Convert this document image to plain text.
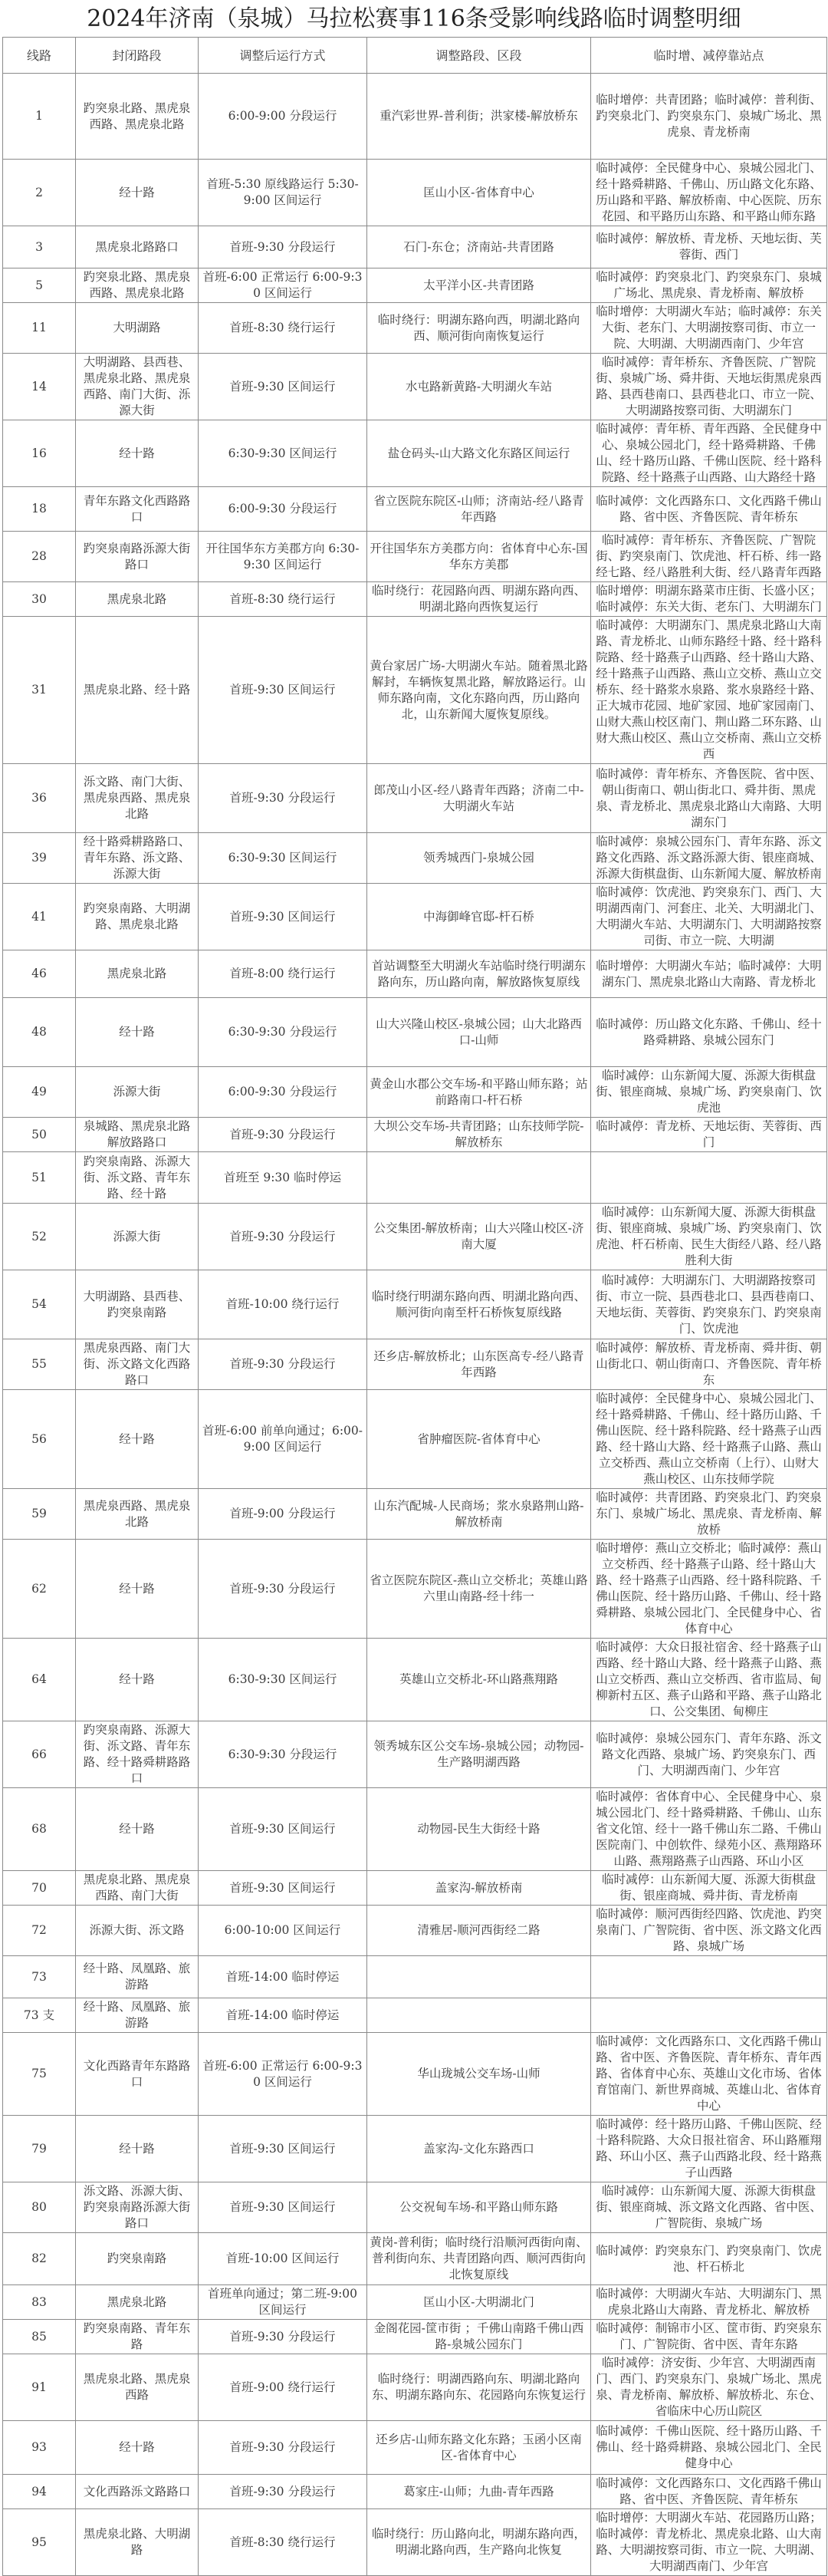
2024年济南（泉城）马拉松赛事116条受影响线路临时调整明细
线路	封闭路段	调整后运行方式	调整路段、区段	临时增、减停靠站点
1	趵突泉北路、黑虎泉西路、黑虎泉北路	6:00-9:00 分段运行	重汽彩世界-普利街；洪家楼-解放桥东	临时增停：共青团路；临时减停：普利街、趵突泉北门、趵突泉东门、泉城广场北、黑虎泉、青龙桥南
2	经十路	首班-5:30 原线路运行 5:30-9:00 区间运行	匡山小区-省体育中心	临时减停：全民健身中心、泉城公园北门、经十路舜耕路、千佛山、历山路文化东路、历山路和平路、解放桥南、中心医院、历东花园、和平路历山东路、和平路山师东路
3	黑虎泉北路路口	首班-9:30 分段运行	石门-东仓；济南站-共青团路	临时减停：解放桥、青龙桥、天地坛街、芙蓉街、西门
5	趵突泉北路、黑虎泉西路、黑虎泉北路	首班-6:00 正常运行 6:00-9:30 区间运行	太平洋小区-共青团路	临时减停：趵突泉北门、趵突泉东门、泉城广场北、黑虎泉、青龙桥南、解放桥
11	大明湖路	首班-8:30 绕行运行	临时绕行：明湖东路向西，明湖北路向西、顺河街向南恢复运行	临时增停：大明湖火车站；临时减停：东关大街、老东门、大明湖按察司街、市立一院、大明湖、大明湖西南门、少年宫
14	大明湖路、县西巷、黑虎泉北路、黑虎泉西路、南门大街、泺源大街	首班-9:30 区间运行	水屯路新黄路-大明湖火车站	临时减停：青年桥东、齐鲁医院、广智院街、泉城广场、舜井街、天地坛街黑虎泉西路、县西巷南口、县西巷北口、市立一院、大明湖路按察司街、大明湖东门
16	经十路	6:30-9:30 区间运行	盐仓码头-山大路文化东路区间运行	临时减停：青年桥、青年西路、全民健身中心、泉城公园北门，经十路舜耕路、千佛山、经十路历山路、千佛山医院、经十路科院路、经十路燕子山西路、山大路经十路
18	青年东路文化西路路口	6:00-9:30 分段运行	省立医院东院区-山师；济南站-经八路青年西路	临时减停：文化西路东口、文化西路千佛山路、省中医、齐鲁医院、青年桥东
28	趵突泉南路泺源大街路口	开往国华东方美郡方向 6:30-9:30 区间运行	开往国华东方美郡方向：省体育中心东-国华东方美郡	临时减停：青年桥东、齐鲁医院、广智院街、趵突泉南门、饮虎池、杆石桥、纬一路经七路、经八路胜利大街、经八路青年西路
30	黑虎泉北路	首班-8:30 绕行运行	临时绕行：花园路向西、明湖东路向西、明湖北路向西恢复运行	临时增停：明湖东路菜市庄街、长盛小区；临时减停：东关大街、老东门、大明湖东门
31	黑虎泉北路、经十路	首班-9:30 区间运行	黄台家居广场-大明湖火车站。随着黑北路解封，车辆恢复黑北路，解放路运行。山师东路向南，文化东路向西，历山路向北，山东新闻大厦恢复原线。	临时减停：大明湖东门、黑虎泉北路山大南路、青龙桥北、山师东路经十路、经十路科院路、经十路燕子山西路、经十路山大路、经十路燕子山西路、燕山立交桥、燕山立交桥东、经十路浆水泉路、浆水泉路经十路、正大城市花园、地矿家园、地矿家园南门、山财大燕山校区南门、荆山路二环东路、山财大燕山校区、燕山立交桥南、燕山立交桥西
36	泺文路、南门大街、黑虎泉西路、黑虎泉北路	首班-9:30 分段运行	郎茂山小区-经八路青年西路；济南二中-大明湖火车站	临时减停：青年桥东、齐鲁医院、省中医、朝山街南口、朝山街北口、舜井街、黑虎泉、青龙桥北、黑虎泉北路山大南路、大明湖东门
39	经十路舜耕路路口、青年东路、泺文路、泺源大街	6:30-9:30 区间运行	领秀城西门-泉城公园	临时减停：泉城公园东门、青年东路、泺文路文化西路、泺文路泺源大街、银座商城、泺源大街棋盘街、山东新闻大厦、解放桥南
41	趵突泉南路、大明湖路、黑虎泉北路	首班-9:30 区间运行	中海御峰官邸-杆石桥	临时减停：饮虎池、趵突泉东门、西门、大明湖西南门、河套庄、北关、大明湖北门、大明湖火车站、大明湖东门、大明湖路按察司街、市立一院、大明湖
46	黑虎泉北路	首班-8:00 绕行运行	首站调整至大明湖火车站临时绕行明湖东路向东，历山路向南，解放路恢复原线	临时增停：大明湖火车站；临时减停：大明湖东门、黑虎泉北路山大南路、青龙桥北
48	经十路	6:30-9:30 分段运行	山大兴隆山校区-泉城公园；山大北路西口-山师	临时减停：历山路文化东路、千佛山、经十路舜耕路、泉城公园东门
49	泺源大街	6:00-9:30 分段运行	黄金山水郡公交车场-和平路山师东路；站前路南口-杆石桥	临时减停：山东新闻大厦、泺源大街棋盘街、银座商城、泉城广场、趵突泉南门、饮虎池
50	泉城路、黑虎泉北路解放路路口	首班-9:30 分段运行	大坝公交车场-共青团路；山东技师学院-解放桥东	临时减停：青龙桥、天地坛街、芙蓉街、西门
51	趵突泉南路、泺源大街、泺文路、青年东路、经十路	首班至 9:30 临时停运		
52	泺源大街	首班-9:30 分段运行	公交集团-解放桥南；山大兴隆山校区-济南大厦	临时减停：山东新闻大厦、泺源大街棋盘街、银座商城、泉城广场、趵突泉南门、饮虎池、杆石桥南、民生大街经八路、经八路胜利大街
54	大明湖路、县西巷、趵突泉南路	首班-10:00 绕行运行	临时绕行明湖东路向西、明湖北路向西、顺河街向南至杆石桥恢复原线路	临时减停：大明湖东门、大明湖路按察司街、市立一院、县西巷北口、县西巷南口、天地坛街、芙蓉街、趵突泉东门、趵突泉南门、饮虎池
55	黑虎泉西路、南门大街、泺文路文化西路路口	首班-9:30 分段运行	还乡店-解放桥北；山东医高专-经八路青年西路	临时减停：解放桥、青龙桥南、舜井街、朝山街北口、朝山街南口、齐鲁医院、青年桥东
56	经十路	首班-6:00 前单向通过；6:00-9:00 区间运行	省肿瘤医院-省体育中心	临时减停：全民健身中心、泉城公园北门、经十路舜耕路、千佛山、经十路历山路、千佛山医院、经十路科院路、经十路燕子山西路、经十路山大路、经十路燕子山路、燕山立交桥西、燕山立交桥南（上行）、山财大燕山校区、山东技师学院
59	黑虎泉西路、黑虎泉北路	首班-9:00 分段运行	山东汽配城-人民商场；浆水泉路荆山路-解放桥南	临时减停：共青团路、趵突泉北门、趵突泉东门、泉城广场北、黑虎泉、青龙桥南、解放桥
62	经十路	首班-9:30 分段运行	省立医院东院区-燕山立交桥北；英雄山路六里山南路-经十纬一	临时增停：燕山立交桥北；临时减停：燕山立交桥西、经十路燕子山路、经十路山大路、经十路燕子山西路、经十路科院路、千佛山医院、经十路历山路、千佛山、经十路舜耕路、泉城公园北门、全民健身中心、省体育中心
64	经十路	6:30-9:30 区间运行	英雄山立交桥北-环山路燕翔路	临时减停：大众日报社宿舍、经十路燕子山西路、经十路山大路、经十路燕子山路、燕山立交桥西、燕山立交桥西、省市监局、甸柳新村五区、燕子山路和平路、燕子山路北口、公交集团、甸柳庄
66	趵突泉南路、泺源大街、泺文路、青年东路、经十路舜耕路路口	6:30-9:30 分段运行	领秀城东区公交车场-泉城公园；动物园-生产路明湖西路	临时减停：泉城公园东门、青年东路、泺文路文化西路、泉城广场、趵突泉东门、西门、大明湖西南门、少年宫
68	经十路	首班-9:30 区间运行	动物园-民生大街经十路	临时减停：省体育中心、全民健身中心、泉城公园北门、经十路舜耕路、千佛山、山东省文化馆、经十一路千佛山东二路、千佛山医院南门、中创软件、绿苑小区、燕翔路环山路、燕翔路燕子山西路、环山小区
70	黑虎泉北路、黑虎泉西路、南门大街	首班-9:30 区间运行	盖家沟-解放桥南	临时减停：山东新闻大厦、泺源大街棋盘街、银座商城、舜井街、青龙桥南
72	泺源大街、泺文路	6:00-10:00 区间运行	清雅居-顺河西街经二路	临时减停：顺河西街经四路、饮虎池、趵突泉南门、广智院街、省中医、泺文路文化西路、泉城广场
73	经十路、凤凰路、旅游路	首班-14:00 临时停运		
73 支	经十路、凤凰路、旅游路	首班-14:00 临时停运		
75	文化西路青年东路路口	首班-6:00 正常运行 6:00-9:30 区间运行	华山珑城公交车场-山师	临时减停：文化西路东口、文化西路千佛山路、省中医、齐鲁医院、青年桥东、青年西路、省体育中心东、英雄山文化市场、省体育馆南门、新世界商城、英雄山北、省体育中心
79	经十路	首班-9:30 区间运行	盖家沟-文化东路西口	临时减停：经十路历山路、千佛山医院、经十路科院路、大众日报社宿舍、环山路雁翔路、环山小区、燕子山西路北段、经十路燕子山西路
80	泺文路、泺源大街、趵突泉南路泺源大街路口	首班-9:30 区间运行	公交祝甸车场-和平路山师东路	临时减停：山东新闻大厦、泺源大街棋盘街、银座商城、泺文路文化西路、省中医、广智院街、泉城广场
82	趵突泉南路	首班-10:00 区间运行	黄岗-普利街；临时绕行沿顺河西街向南、普利街向东、共青团路向西、顺河西街向北恢复原线	临时减停：趵突泉东门、趵突泉南门、饮虎池、杆石桥北
83	黑虎泉北路	首班单向通过；第二班-9:00 区间运行	匡山小区-大明湖北门	临时减停：大明湖火车站、大明湖东门、黑虎泉北路山大南路、青龙桥北、解放桥
85	趵突泉南路、青年东路	首班-9:30 分段运行	金阁花园-筐市街 ；千佛山南路千佛山西路-泉城公园东门	临时减停：制锦市小区、筐市街、趵突泉东门、广智院街、省中医、青年东路
91	黑虎泉北路、黑虎泉西路	首班-9:00 绕行运行	临时绕行：明湖西路向东、明湖北路向东、明湖东路向东、花园路向东恢复运行	临时减停：济安街、少年宫、大明湖西南门、西门、趵突泉东门、泉城广场北、黑虎泉、青龙桥南、解放桥、解放桥北、东仓、省临床中心历山院区
93	经十路	首班-9:30 分段运行	还乡店-山师东路文化东路；玉函小区南区-省体育中心	临时减停：千佛山医院、经十路历山路、千佛山、经十路舜耕路、泉城公园北门、全民健身中心
94	文化西路泺文路路口	首班-9:30 分段运行	葛家庄-山师；九曲-青年西路	临时减停：文化西路东口、文化西路千佛山路、省中医、齐鲁医院、青年桥东
95	黑虎泉北路、大明湖路	首班-8:30 绕行运行	临时绕行：历山路向北，明湖东路向西，明湖北路向西，生产路向北恢复	临时增停：大明湖火车站、花园路历山路；临时减停：青龙桥北、黑虎泉北路、山大南路、大明湖按察司街、市立一院、大明湖、大明湖西南门、少年宫
